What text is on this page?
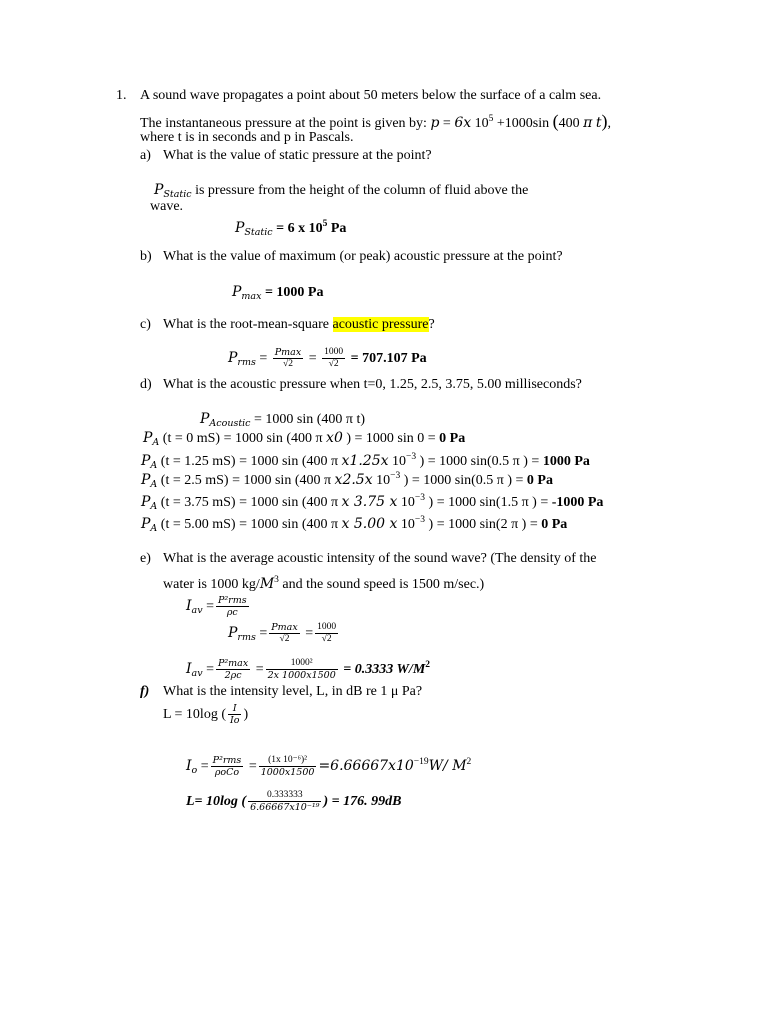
1. A sound wave propagates a point about 50 meters below the surface of a calm sea.
The instantaneous pressure at the point is given by: p = 6x $10^5 +1000\sin$ (400 π t),
where t is in seconds and p in Pascals.
a) What is the value of static pressure at the point?
$P_{Static}$ is pressure from the height of the column of fluid above the
wave.
$P_{Static} = 6$ x $10^5$ Pa
b) What is the value of maximum (or peak) acoustic pressure at the point?
$P_{max} = 1000$ Pa
c) What is the root-mean-square acoustic pressure?
$P_{rms} = \frac{Pmax}{√2} = \frac{1000}{√2} = 707.107$ Pa
d) What is the acoustic pressure when t=0, 1.25, 2.5, 3.75, 5.00 milliseconds?
$P_{Acoustic} = 1000$ sin (400 π t)
$P_A$ (t = 0 mS) = 1000 sin (400 π x0 ) = 1000 sin 0 = 0 Pa
$P_A$ (t = 1.25 mS) = 1000 sin (400 π x1.25x $10^{-3}$ ) = 1000 sin(0.5 π ) = 1000 Pa
$P_A$ (t = 2.5 mS) = 1000 sin (400 π x2.5x $10^{-3}$ ) = 1000 sin(0.5 π ) = 0 Pa
$P_A$ (t = 3.75 mS) = 1000 sin (400 π x 3.75 x $10^{-3}$ ) = 1000 sin(1.5 π ) = -1000 Pa
$P_A$ (t = 5.00 mS) = 1000 sin (400 π x 5.00 x $10^{-3}$ ) = 1000 sin(2 π ) = 0 Pa
e) What is the average acoustic intensity of the sound wave? (The density of the
water is 1000 $kg/M^3$ and the sound speed is 1500 m/sec.)
$I_{av} = \frac{\text{P²rms}}{\rho c}$
$P_{rms} = \frac{Pmax}{√2} = \frac{1000}{√2}$
$I_{av} = \frac{\text{P²max}}{2\rho c} = \frac{\text{1000²}}{2x 1000x1500} = 0.3333$ $W/M^2$
f) What is the intensity level, L, in dB re 1 μ Pa?
L = 10log ( $\frac{I}{Io}$ )
$I_o = \frac{\text{P²rms}}{\text{ρoCo}} = \frac{\text{(1x 10⁻⁶)²}}{1000x1500} =6.66667x10^{-19}W/$ $M^2$
L= 10log ( $\frac{0.333333}{\text{6.66667x10⁻¹⁹}}$ ) = 176. 99dB
